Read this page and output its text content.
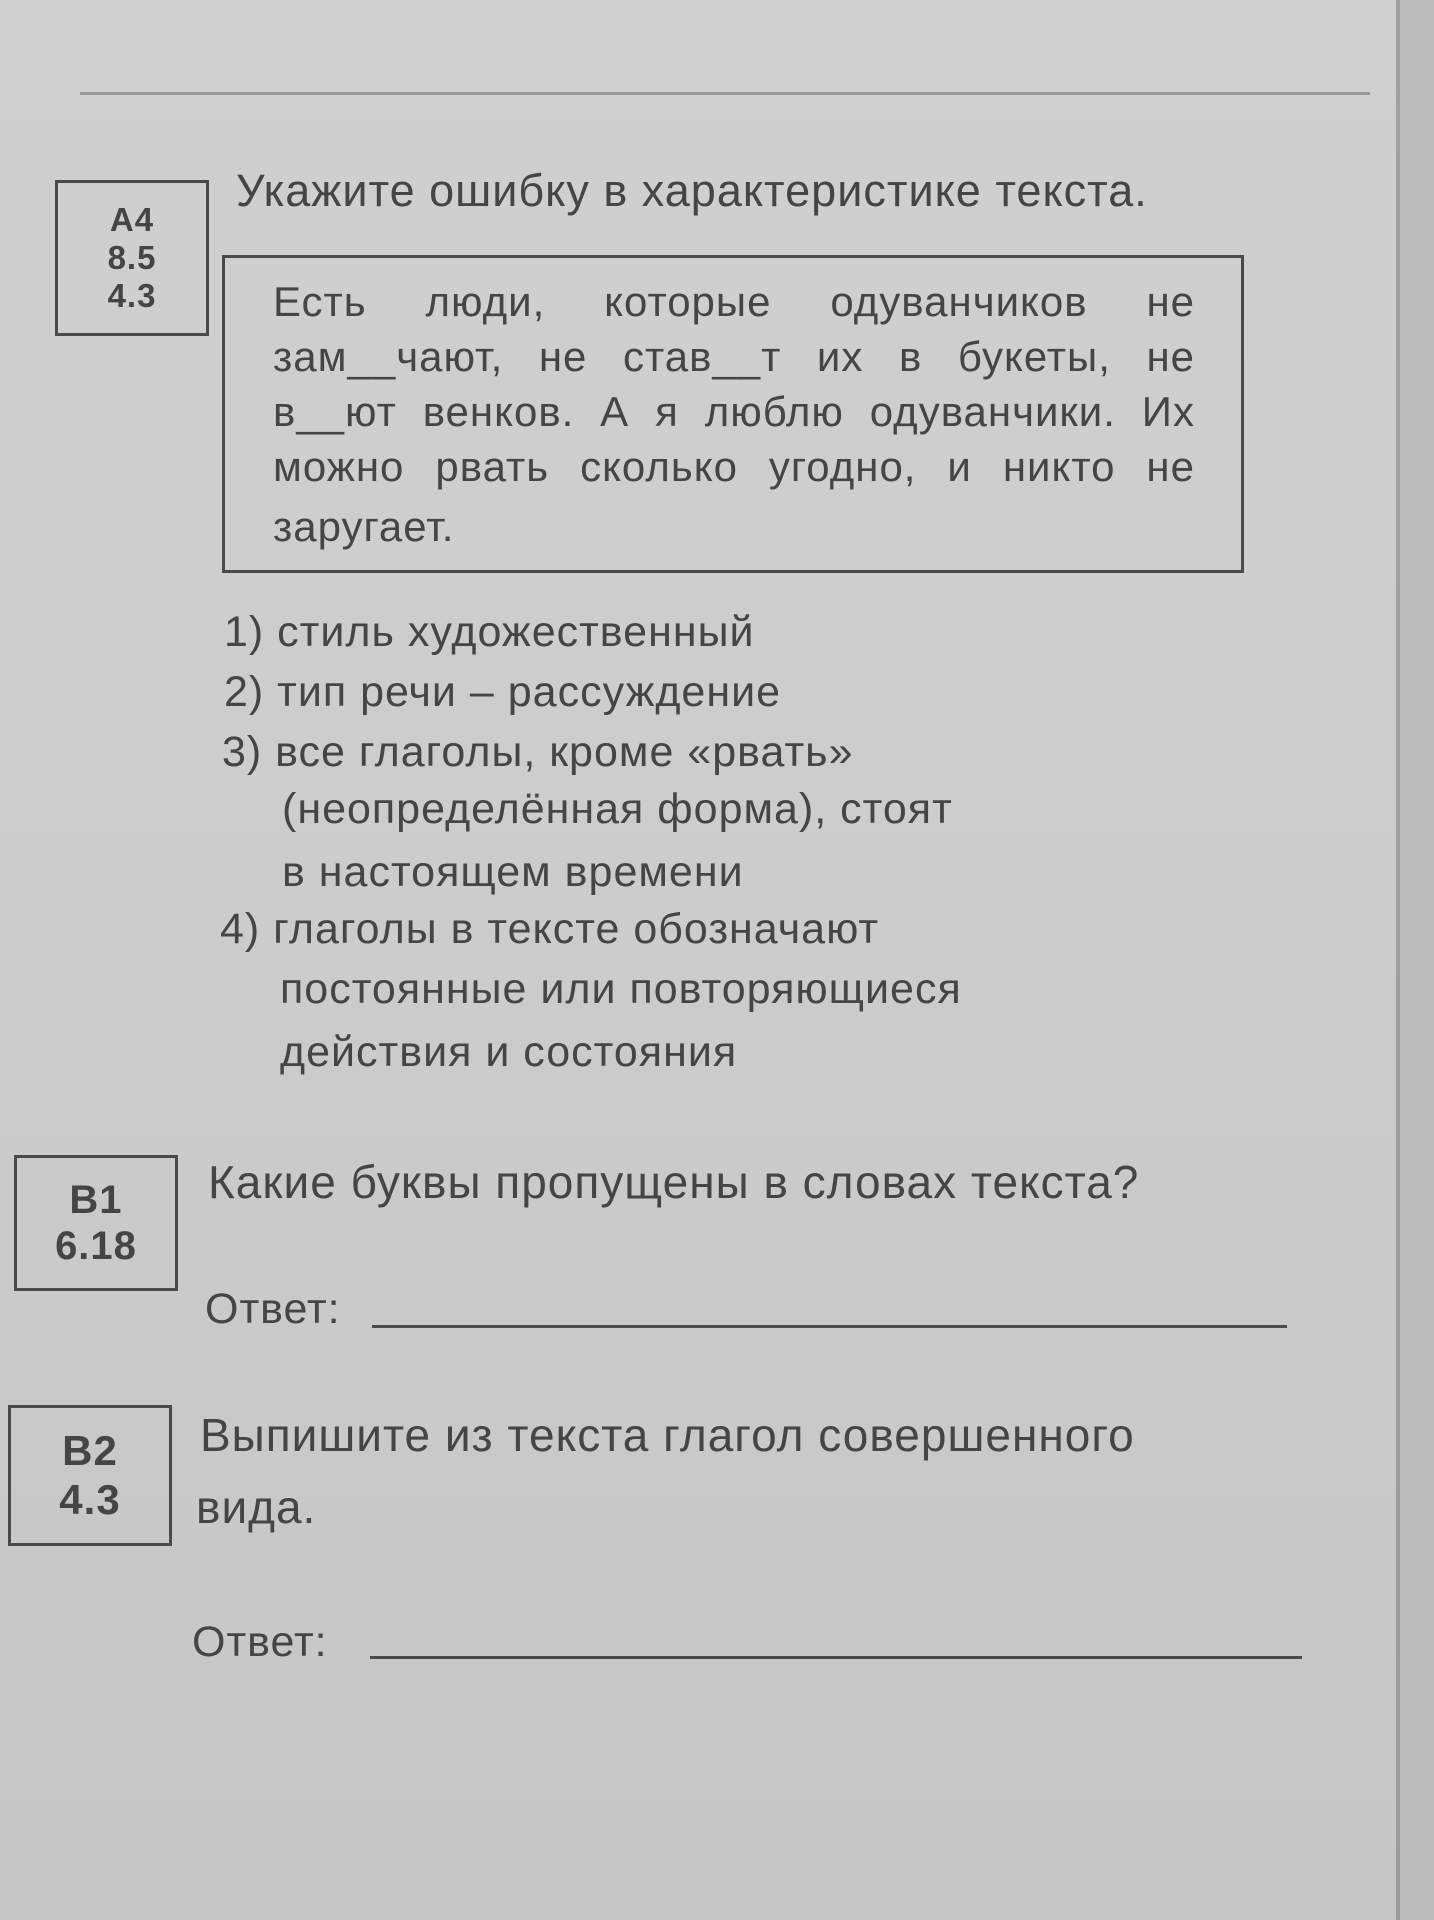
А4
8.5
4.3
Укажите ошибку в характеристике текста.
Есть люди, которые одуванчиков не
зам__чают, не став__т их в букеты, не
в__ют венков. А я люблю одуванчики. Их
можно рвать сколько угодно, и никто не
заругает.
1) стиль художественный
2) тип речи – рассуждение
3) все глаголы, кроме «рвать»
(неопределённая форма), стоят
в настоящем времени
4) глаголы в тексте обозначают
постоянные или повторяющиеся
действия и состояния
В1
6.18
Какие буквы пропущены в словах текста?
Ответ:
В2
4.3
Выпишите из текста глагол совершенного
вида.
Ответ:
